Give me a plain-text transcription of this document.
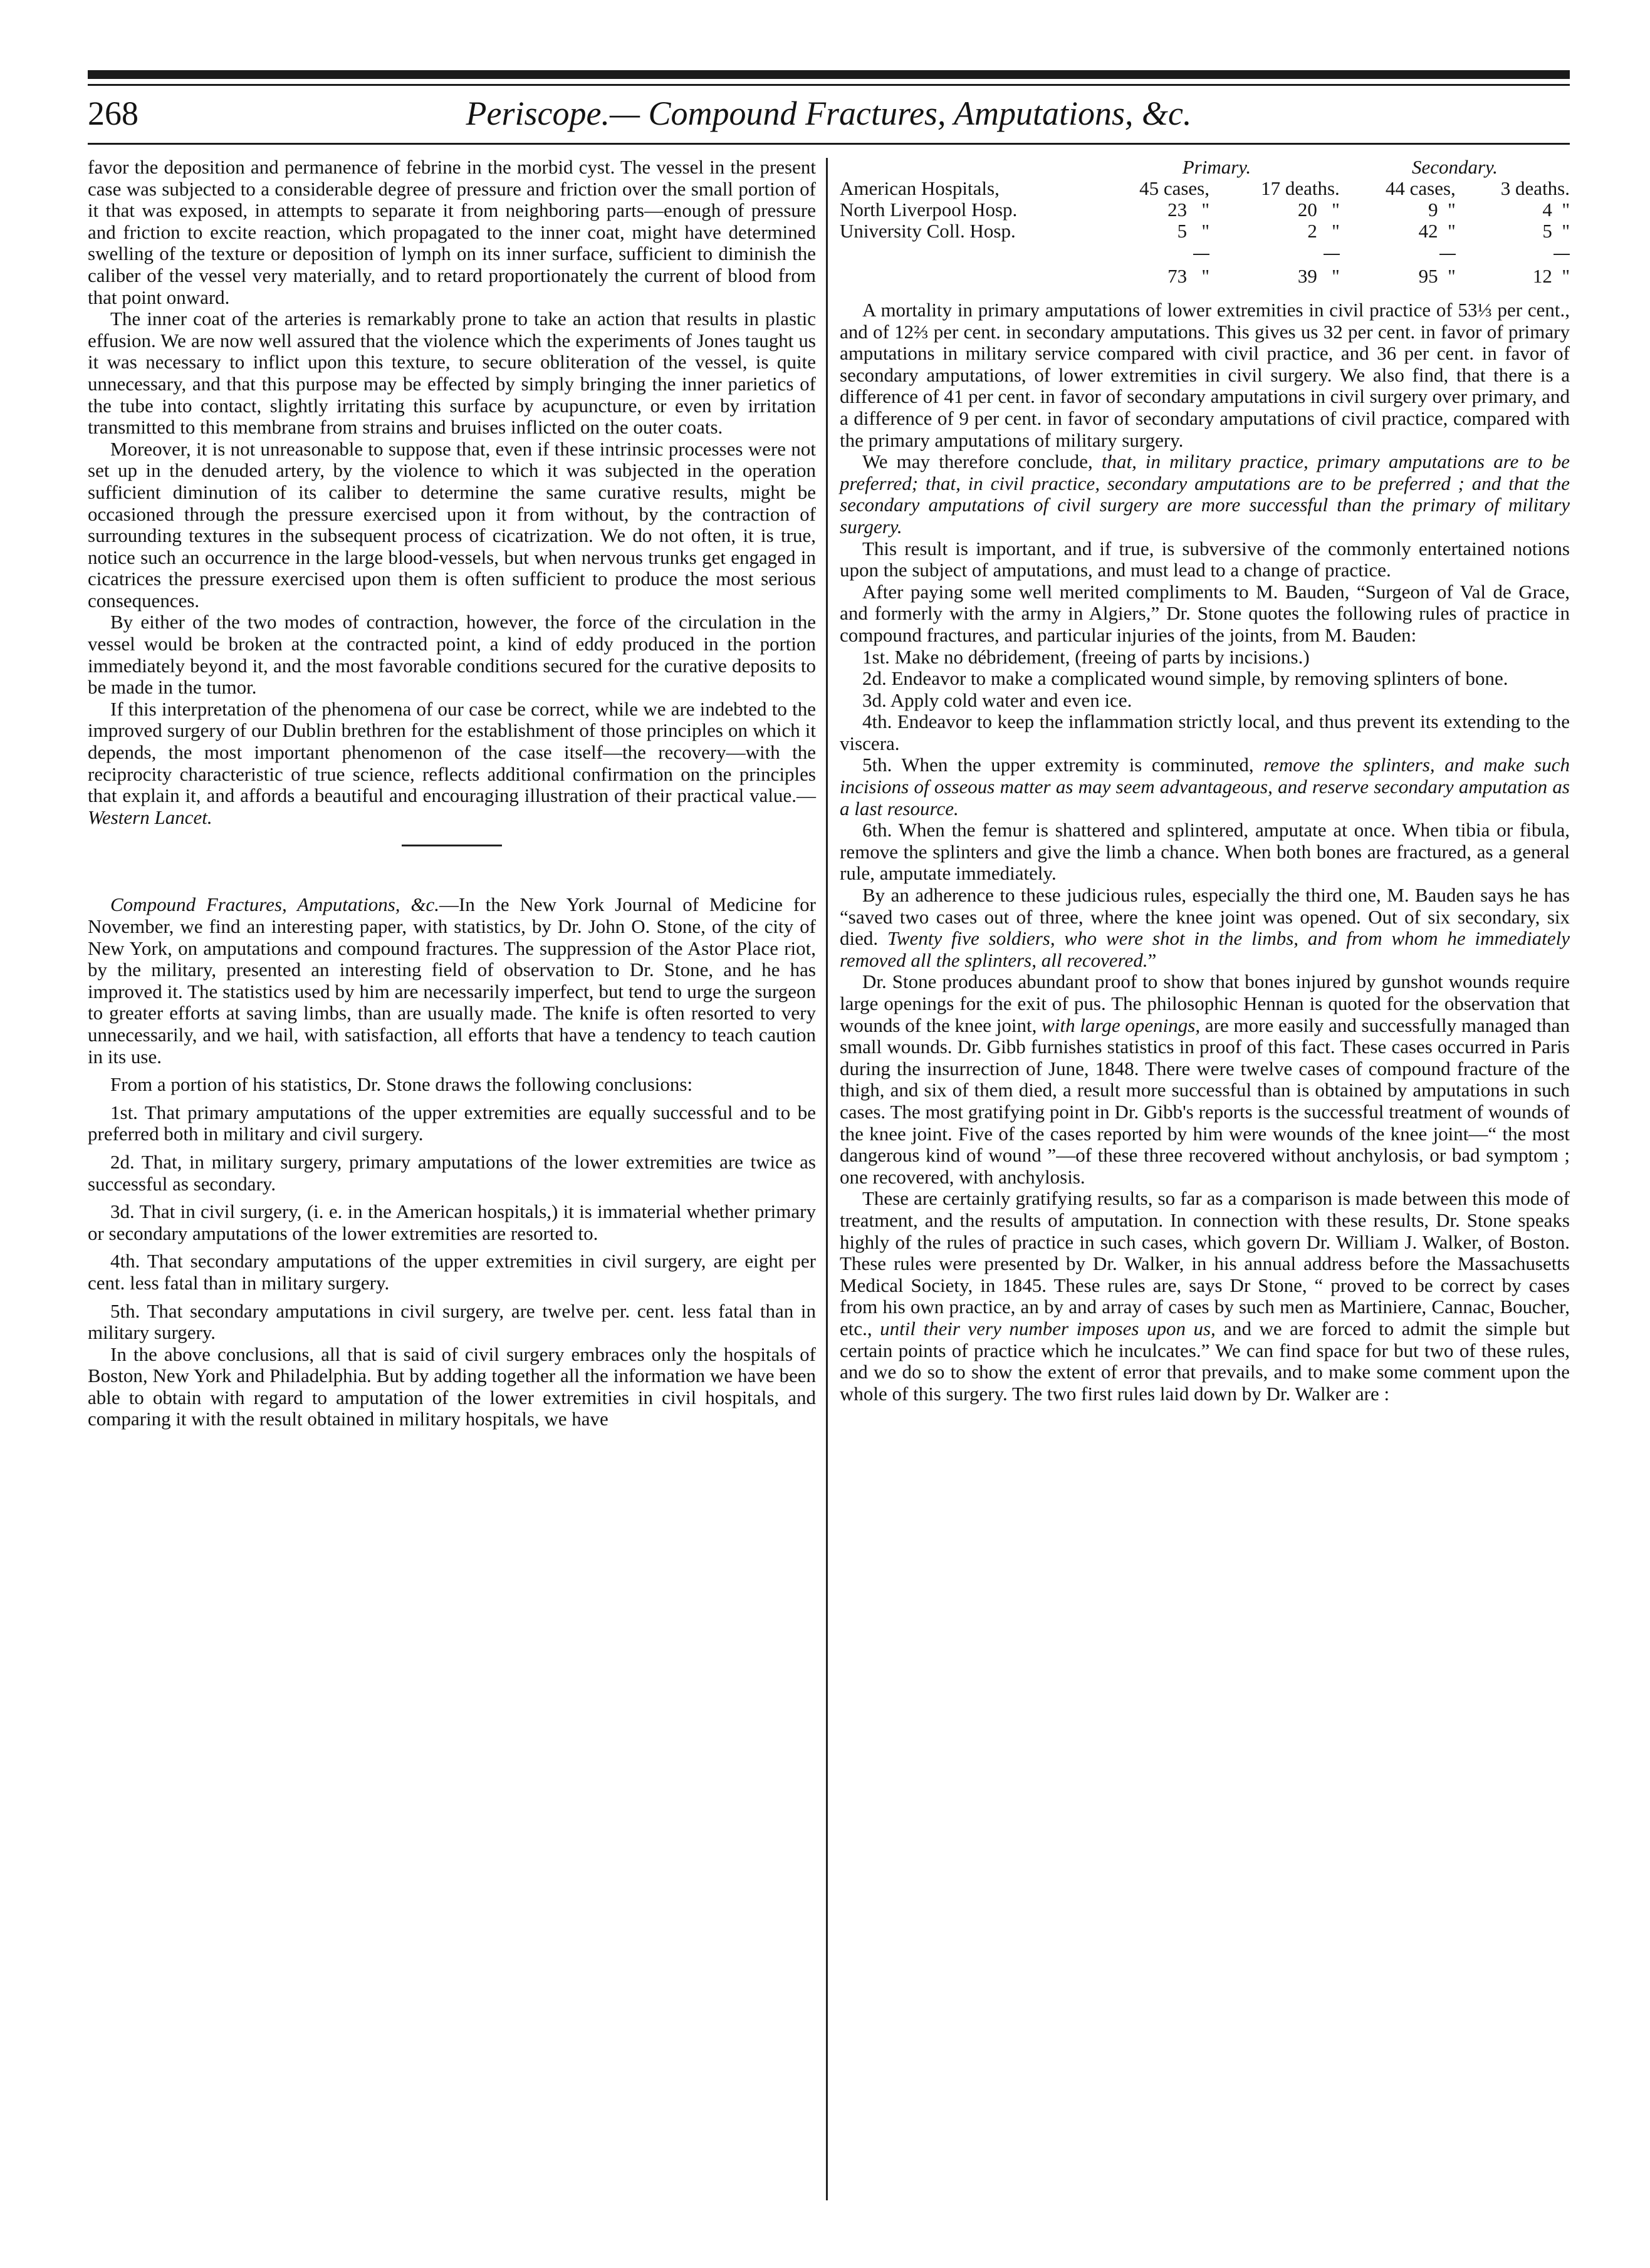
268	Periscope.— Compound Fractures, Amputations, &c.

favor the deposition and permanence of febrine in the morbid cyst. The vessel in the present case was subjected to a considerable degree of pressure and friction over the small portion of it that was exposed, in attempts to separate it from neighboring parts—enough of pressure and friction to excite reaction, which propagated to the inner coat, might have determined swelling of the texture or deposition of lymph on its inner surface, sufficient to diminish the caliber of the vessel very materially, and to retard proportionately the current of blood from that point onward.

The inner coat of the arteries is remarkably prone to take an action that results in plastic effusion. We are now well assured that the violence which the experiments of Jones taught us it was necessary to inflict upon this texture, to secure obliteration of the vessel, is quite unnecessary, and that this purpose may be effected by simply bringing the inner parietics of the tube into contact, slightly irritating this surface by acupuncture, or even by irritation transmitted to this membrane from strains and bruises inflicted on the outer coats.

Moreover, it is not unreasonable to suppose that, even if these intrinsic processes were not set up in the denuded artery, by the violence to which it was subjected in the operation sufficient diminution of its caliber to determine the same curative results, might be occasioned through the pressure exercised upon it from without, by the contraction of surrounding textures in the subsequent process of cicatrization. We do not often, it is true, notice such an occurrence in the large blood-vessels, but when nervous trunks get engaged in cicatrices the pressure exercised upon them is often sufficient to produce the most serious consequences.

By either of the two modes of contraction, however, the force of the circulation in the vessel would be broken at the contracted point, a kind of eddy produced in the portion immediately beyond it, and the most favorable conditions secured for the curative deposits to be made in the tumor.

If this interpretation of the phenomena of our case be correct, while we are indebted to the improved surgery of our Dublin brethren for the establishment of those principles on which it depends, the most important phenomenon of the case itself—the recovery—with the reciprocity characteristic of true science, reflects additional confirmation on the principles that explain it, and affords a beautiful and encouraging illustration of their practical value.—Western Lancet.

Compound Fractures, Amputations, &c.—In the New York Journal of Medicine for November, we find an interesting paper, with statistics, by Dr. John O. Stone, of the city of New York, on amputations and compound fractures. The suppression of the Astor Place riot, by the military, presented an interesting field of observation to Dr. Stone, and he has improved it. The statistics used by him are necessarily imperfect, but tend to urge the surgeon to greater efforts at saving limbs, than are usually made. The knife is often resorted to very unnecessarily, and we hail, with satisfaction, all efforts that have a tendency to teach caution in its use.

From a portion of his statistics, Dr. Stone draws the following conclusions:

1st. That primary amputations of the upper extremities are equally successful and to be preferred both in military and civil surgery.

2d. That, in military surgery, primary amputations of the lower extremities are twice as successful as secondary.

3d. That in civil surgery, (i. e. in the American hospitals,) it is immaterial whether primary or secondary amputations of the lower extremities are resorted to.

4th. That secondary amputations of the upper extremities in civil surgery, are eight per cent. less fatal than in military surgery.

5th. That secondary amputations in civil surgery, are twelve per. cent. less fatal than in military surgery.

In the above conclusions, all that is said of civil surgery embraces only the hospitals of Boston, New York and Philadelphia. But by adding together all the information we have been able to obtain with regard to amputation of the lower extremities in civil hospitals, and comparing it with the result obtained in military hospitals, we have

	Primary.		Secondary.	
American Hospitals,	45 cases,	17 deaths.	44 cases,	3 deaths.
North Liverpool Hosp.	23 "	20 "	9 "	4 "
University Coll. Hosp.	5 "	2 "	42 "	5 "

	73 "	39 "	95 "	12 "

A mortality in primary amputations of lower extremities in civil practice of 53⅓ per cent., and of 12⅔ per cent. in secondary amputations. This gives us 32 per cent. in favor of primary amputations in military service compared with civil practice, and 36 per cent. in favor of secondary amputations, of lower extremities in civil surgery. We also find, that there is a difference of 41 per cent. in favor of secondary amputations in civil surgery over primary, and a difference of 9 per cent. in favor of secondary amputations of civil practice, compared with the primary amputations of military surgery.

We may therefore conclude, that, in military practice, primary amputations are to be preferred; that, in civil practice, secondary amputations are to be preferred ; and that the secondary amputations of civil surgery are more successful than the primary of military surgery.

This result is important, and if true, is subversive of the commonly entertained notions upon the subject of amputations, and must lead to a change of practice.

After paying some well merited compliments to M. Bauden, “Surgeon of Val de Grace, and formerly with the army in Algiers,” Dr. Stone quotes the following rules of practice in compound fractures, and particular injuries of the joints, from M. Bauden:

1st. Make no débridement, (freeing of parts by incisions.)

2d. Endeavor to make a complicated wound simple, by removing splinters of bone.

3d. Apply cold water and even ice.

4th. Endeavor to keep the inflammation strictly local, and thus prevent its extending to the viscera.

5th. When the upper extremity is comminuted, remove the splinters, and make such incisions of osseous matter as may seem advantageous, and reserve secondary amputation as a last resource.

6th. When the femur is shattered and splintered, amputate at once. When tibia or fibula, remove the splinters and give the limb a chance. When both bones are fractured, as a general rule, amputate immediately.

By an adherence to these judicious rules, especially the third one, M. Bauden says he has “saved two cases out of three, where the knee joint was opened. Out of six secondary, six died. Twenty five soldiers, who were shot in the limbs, and from whom he immediately removed all the splinters, all recovered.”

Dr. Stone produces abundant proof to show that bones injured by gunshot wounds require large openings for the exit of pus. The philosophic Hennan is quoted for the observation that wounds of the knee joint, with large openings, are more easily and successfully managed than small wounds. Dr. Gibb furnishes statistics in proof of this fact. These cases occurred in Paris during the insurrection of June, 1848. There were twelve cases of compound fracture of the thigh, and six of them died, a result more successful than is obtained by amputations in such cases. The most gratifying point in Dr. Gibb's reports is the successful treatment of wounds of the knee joint. Five of the cases reported by him were wounds of the knee joint—“ the most dangerous kind of wound ”—of these three recovered without anchylosis, or bad symptom ; one recovered, with anchylosis.

These are certainly gratifying results, so far as a comparison is made between this mode of treatment, and the results of amputation. In connection with these results, Dr. Stone speaks highly of the rules of practice in such cases, which govern Dr. William J. Walker, of Boston. These rules were presented by Dr. Walker, in his annual address before the Massachusetts Medical Society, in 1845. These rules are, says Dr Stone, “ proved to be correct by cases from his own practice, an by and array of cases by such men as Martiniere, Cannac, Boucher, etc., until their very number imposes upon us, and we are forced to admit the simple but certain points of practice which he inculcates.” We can find space for but two of these rules, and we do so to show the extent of error that prevails, and to make some comment upon the whole of this surgery. The two first rules laid down by Dr. Walker are :
